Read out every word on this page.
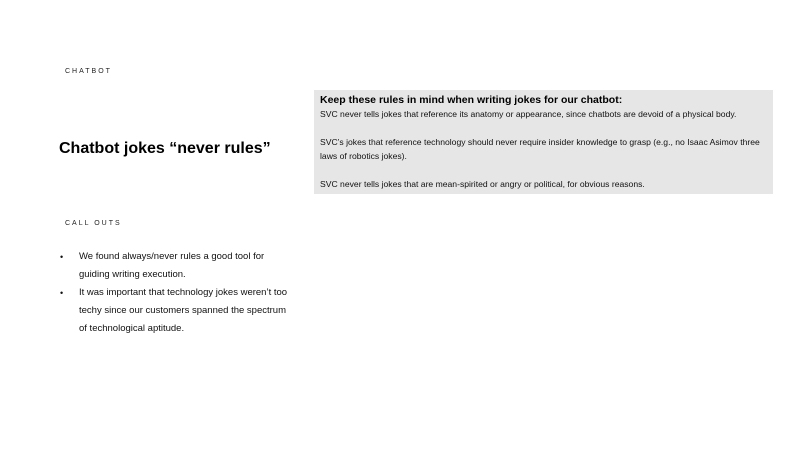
CHATBOT
Chatbot jokes “never rules”
CALL OUTS
• We found always/never rules a good tool for guiding writing execution.
• It was important that technology jokes weren’t too techy since our customers spanned the spectrum of technological aptitude.
Keep these rules in mind when writing jokes for our chatbot:
SVC never tells jokes that reference its anatomy or appearance, since chatbots are devoid of a physical body.
SVC’s jokes that reference technology should never require insider knowledge to grasp (e.g., no Isaac Asimov three laws of robotics jokes).
SVC never tells jokes that are mean-spirited or angry or political, for obvious reasons.
